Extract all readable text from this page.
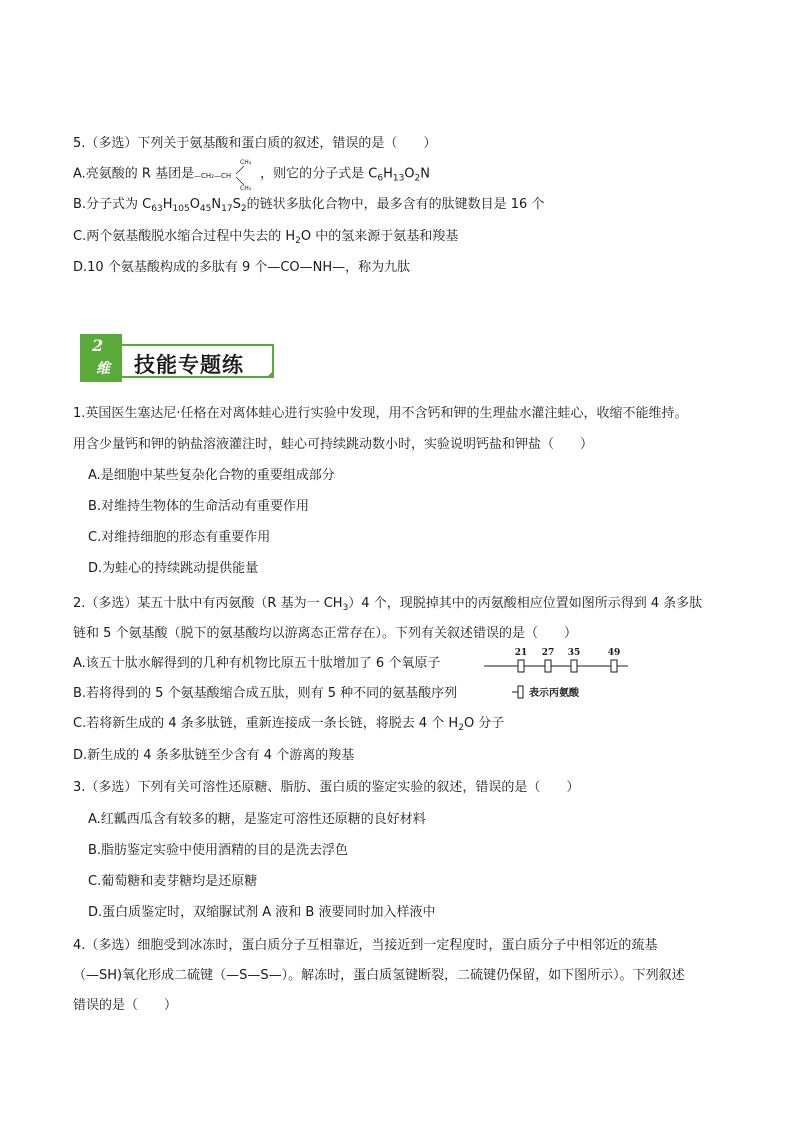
5.（多选）下列关于氨基酸和蛋白质的叙述，错误的是（　　）
A.亮氨酸的 R 基团是 —CH₂—CH
CH₃
CH₃
，则它的分子式是 $C_6H_{13}O_2N$
B.分子式为 $C_{63}H_{105}O_{45}N_{17}S_2$的链状多肽化合物中，最多含有的肽键数目是 16 个
C.两个氨基酸脱水缩合过程中失去的 $H_2O$ 中的氢来源于氨基和羧基
D.10 个氨基酸构成的多肽有 9 个—CO—NH—，称为九肽
2
维 技能专题练
1.英国医生塞达尼·任格在对离体蛙心进行实验中发现，用不含钙和钾的生理盐水灌注蛙心，收缩不能维持。
用含少量钙和钾的钠盐溶液灌注时，蛙心可持续跳动数小时，实验说明钙盐和钾盐（　　）
A.是细胞中某些复杂化合物的重要组成部分
B.对维持生物体的生命活动有重要作用
C.对维持细胞的形态有重要作用
D.为蛙心的持续跳动提供能量
2.（多选）某五十肽中有丙氨酸（R 基为一 $CH_3)4$ 个，现脱掉其中的丙氨酸相应位置如图所示得到 4 条多肽
链和 5 个氨基酸（脱下的氨基酸均以游离态正常存在）。下列有关叙述错误的是（　　）
A.该五十肽水解得到的几种有机物比原五十肽增加了 6 个氧原子
B.若将得到的 5 个氨基酸缩合成五肽，则有 5 种不同的氨基酸序列
C.若将新生成的 4 条多肽链，重新连接成一条长链，将脱去 4 个 $H_2O$ 分子
D.新生成的 4 条多肽链至少含有 4 个游离的羧基
21 27 35	49
表示丙氨酸
3.（多选）下列有关可溶性还原糖、脂肪、蛋白质的鉴定实验的叙述，错误的是（　　）
A.红瓤西瓜含有较多的糖，是鉴定可溶性还原糖的良好材料
B.脂肪鉴定实验中使用酒精的目的是洗去浮色
C.葡萄糖和麦芽糖均是还原糖
D.蛋白质鉴定时，双缩脲试剂 A 液和 B 液要同时加入样液中
4.（多选）细胞受到冰冻时，蛋白质分子互相靠近，当接近到一定程度时，蛋白质分子中相邻近的巯基
（—SH)氧化形成二硫键（—S—S—）。解冻时，蛋白质氢键断裂，二硫键仍保留，如下图所示）。下列叙述
错误的是（　　）
